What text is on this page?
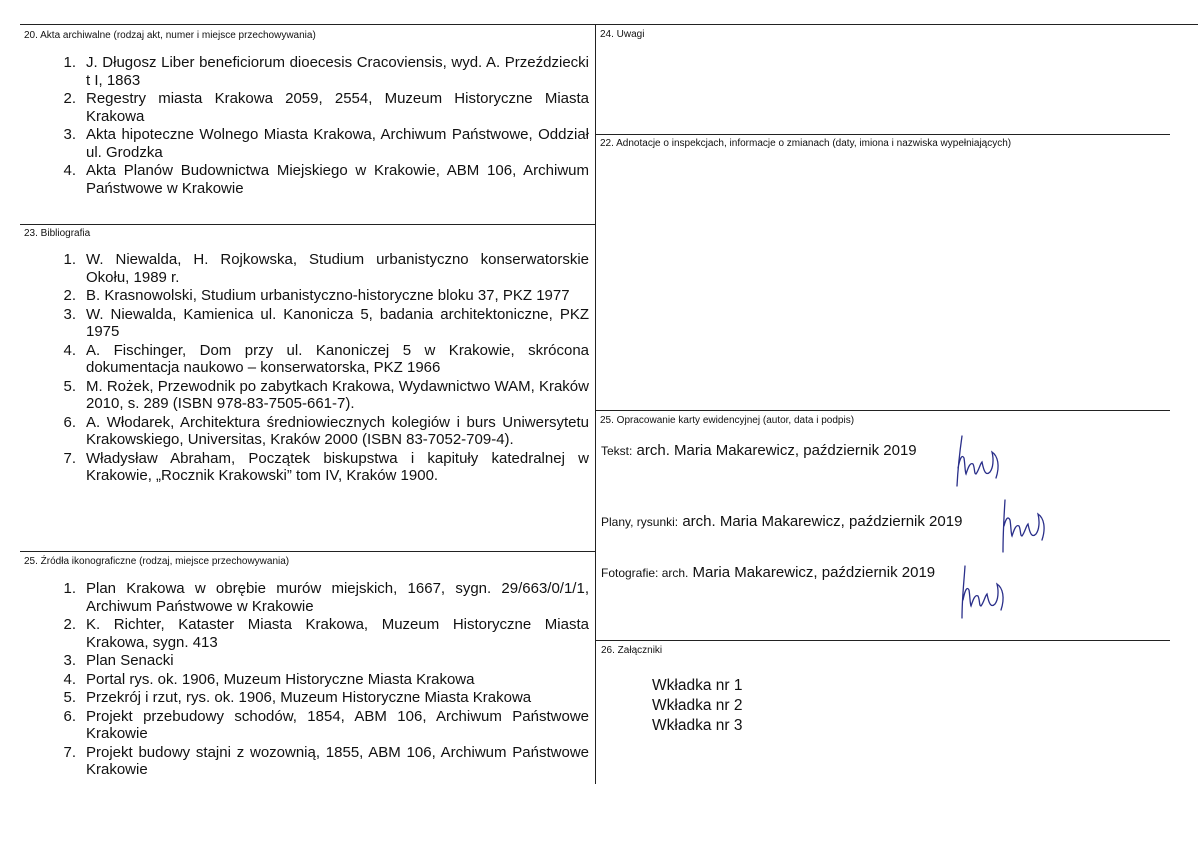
20. Akta archiwalne (rodzaj akt, numer i miejsce przechowywania)
1. J. Długosz Liber beneficiorum dioecesis Cracoviensis, wyd. A. Przeździecki t I, 1863
2. Regestry miasta Krakowa 2059, 2554, Muzeum Historyczne Miasta Krakowa
3. Akta hipoteczne Wolnego Miasta Krakowa, Archiwum Państwowe, Oddział ul. Grodzka
4. Akta Planów Budownictwa Miejskiego w Krakowie, ABM 106, Archiwum Państwowe w Krakowie
23. Bibliografia
1. W. Niewalda, H. Rojkowska, Studium urbanistyczno konserwatorskie Okołu, 1989 r.
2. B. Krasnowolski, Studium urbanistyczno-historyczne bloku 37, PKZ 1977
3. W. Niewalda, Kamienica ul. Kanonicza 5, badania architektoniczne, PKZ 1975
4. A. Fischinger, Dom przy ul. Kanoniczej 5 w Krakowie, skrócona dokumentacja naukowo – konserwatorska, PKZ 1966
5. M. Rożek, Przewodnik po zabytkach Krakowa, Wydawnictwo WAM, Kraków 2010, s. 289 (ISBN 978-83-7505-661-7).
6. A. Włodarek, Architektura średniowiecznych kolegiów i burs Uniwersytetu Krakowskiego, Universitas, Kraków 2000 (ISBN 83-7052-709-4).
7. Władysław Abraham, Początek biskupstwa i kapituły katedralnej w Krakowie, „Rocznik Krakowski” tom IV, Kraków 1900.
25. Źródła ikonograficzne (rodzaj, miejsce przechowywania)
1. Plan Krakowa w obrębie murów miejskich, 1667, sygn. 29/663/0/1/1, Archiwum Państwowe w Krakowie
2. K. Richter, Kataster Miasta Krakowa, Muzeum Historyczne Miasta Krakowa, sygn. 413
3. Plan Senacki
4. Portal rys. ok. 1906, Muzeum Historyczne Miasta Krakowa
5. Przekrój i rzut, rys. ok. 1906, Muzeum Historyczne Miasta Krakowa
6. Projekt przebudowy schodów, 1854, ABM 106, Archiwum Państwowe Krakowie
7. Projekt budowy stajni z wozownią, 1855, ABM 106, Archiwum Państwowe Krakowie
24. Uwagi
22. Adnotacje o inspekcjach, informacje o zmianach (daty, imiona i nazwiska wypełniających)
25. Opracowanie karty ewidencyjnej (autor, data i podpis)
Tekst: arch. Maria Makarewicz, październik 2019
Plany, rysunki: arch. Maria Makarewicz, październik 2019
Fotografie: arch. Maria Makarewicz, październik 2019
26. Załączniki
Wkładka nr 1
Wkładka nr 2
Wkładka nr 3
